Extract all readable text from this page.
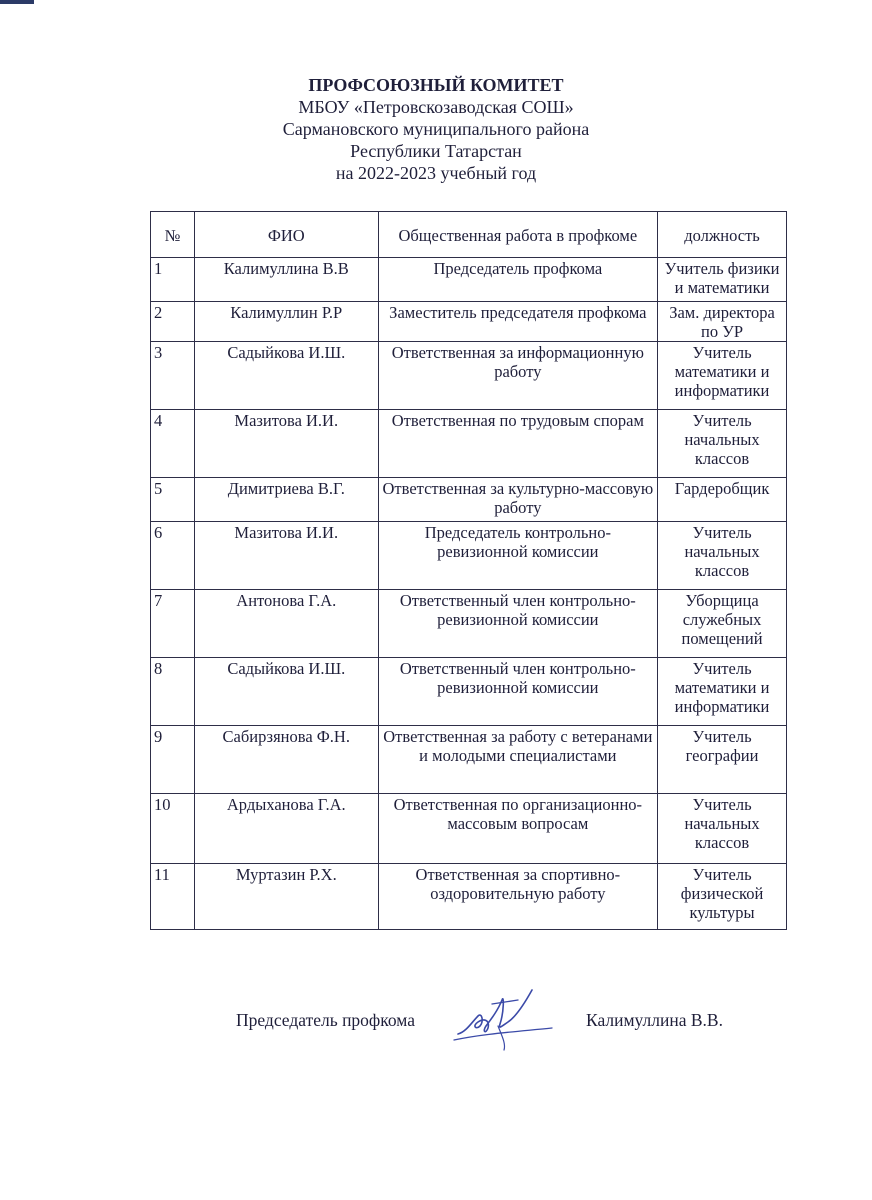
ПРОФСОЮЗНЫЙ КОМИТЕТ
МБОУ «Петровскозаводская СОШ»
Сармановского муниципального района
Республики Татарстан
на 2022-2023 учебный год
№	ФИО	Общественная работа в профкоме	должность
1	Калимуллина В.В	Председатель профкома	Учитель физики и математики
2	Калимуллин Р.Р	Заместитель председателя профкома	Зам. директора по УР
3	Садыйкова И.Ш.	Ответственная за информационную работу	Учитель математики и информатики
4	Мазитова И.И.	Ответственная по трудовым спорам	Учитель начальных классов
5	Димитриева В.Г.	Ответственная за культурно-массовую работу	Гардеробщик
6	Мазитова И.И.	Председатель контрольно-ревизионной комиссии	Учитель начальных классов
7	Антонова Г.А.	Ответственный член контрольно-ревизионной комиссии	Уборщица служебных помещений
8	Садыйкова И.Ш.	Ответственный член контрольно-ревизионной комиссии	Учитель математики и информатики
9	Сабирзянова Ф.Н.	Ответственная за работу с ветеранами и молодыми специалистами	Учитель географии
10	Ардыханова Г.А.	Ответственная по организационно-массовым вопросам	Учитель начальных классов
11	Муртазин Р.Х.	Ответственная за спортивно-оздоровительную работу	Учитель физической культуры
Председатель профкома	Калимуллина В.В.
